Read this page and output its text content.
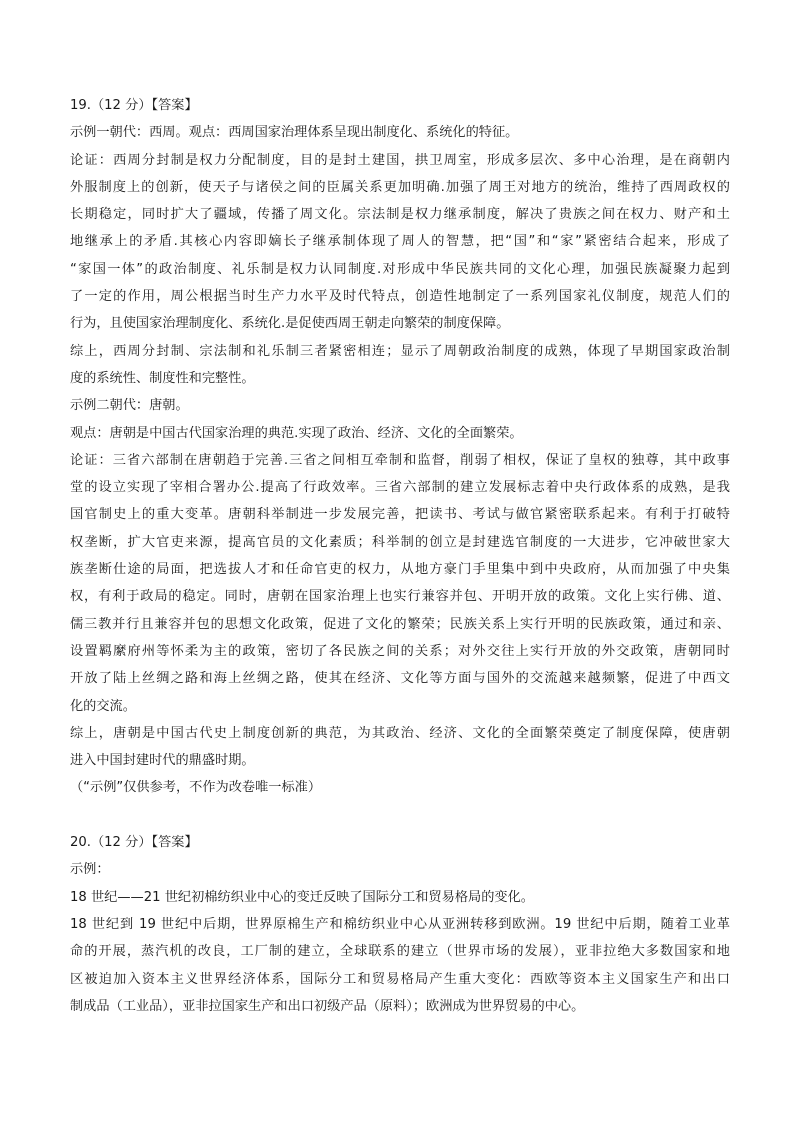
19.（12 分）【答案】
示例一朝代：西周。观点：西周国家治理体系呈现出制度化、系统化的特征。
论证：西周分封制是权力分配制度，目的是封土建国，拱卫周室，形成多层次、多中心治理，是在商朝内
外服制度上的创新，使天子与诸侯之间的臣属关系更加明确.加强了周王对地方的统治，维持了西周政权的
长期稳定，同时扩大了疆域，传播了周文化。宗法制是权力继承制度，解决了贵族之间在权力、财产和土
地继承上的矛盾.其核心内容即嫡长子继承制体现了周人的智慧，把“国”和“家”紧密结合起来，形成了
“家国一体”的政治制度、礼乐制是权力认同制度.对形成中华民族共同的文化心理，加强民族凝聚力起到
了一定的作用，周公根据当时生产力水平及时代特点，创造性地制定了一系列国家礼仪制度，规范人们的
行为，且使国家治理制度化、系统化.是促使西周王朝走向繁荣的制度保障。
综上，西周分封制、宗法制和礼乐制三者紧密相连；显示了周朝政治制度的成熟，体现了早期国家政治制
度的系统性、制度性和完整性。
示例二朝代：唐朝。
观点：唐朝是中国古代国家治理的典范.实现了政治、经济、文化的全面繁荣。
论证：三省六部制在唐朝趋于完善.三省之间相互牵制和监督，削弱了相权，保证了皇权的独尊，其中政事
堂的设立实现了宰相合署办公.提高了行政效率。三省六部制的建立发展标志着中央行政体系的成熟，是我
国官制史上的重大变革。唐朝科举制进一步发展完善，把读书、考试与做官紧密联系起来。有利于打破特
权垄断，扩大官吏来源，提高官员的文化素质；科举制的创立是封建选官制度的一大进步，它冲破世家大
族垄断仕途的局面，把选拔人才和任命官吏的权力，从地方豪门手里集中到中央政府，从而加强了中央集
权，有利于政局的稳定。同时，唐朝在国家治理上也实行兼容并包、开明开放的政策。文化上实行佛、道、
儒三教并行且兼容并包的思想文化政策，促进了文化的繁荣；民族关系上实行开明的民族政策，通过和亲、
设置羁縻府州等怀柔为主的政策，密切了各民族之间的关系；对外交往上实行开放的外交政策，唐朝同时
开放了陆上丝绸之路和海上丝绸之路，使其在经济、文化等方面与国外的交流越来越频繁，促进了中西文
化的交流。
综上，唐朝是中国古代史上制度创新的典范，为其政治、经济、文化的全面繁荣奠定了制度保障，使唐朝
进入中国封建时代的鼎盛时期。
（“示例”仅供参考，不作为改卷唯一标准）
20.（12 分）【答案】
示例：
18 世纪——21 世纪初棉纺织业中心的变迁反映了国际分工和贸易格局的变化。
18 世纪到 19 世纪中后期，世界原棉生产和棉纺织业中心从亚洲转移到欧洲。19 世纪中后期，随着工业革
命的开展，蒸汽机的改良，工厂制的建立，全球联系的建立（世界市场的发展），亚非拉绝大多数国家和地
区被迫加入资本主义世界经济体系，国际分工和贸易格局产生重大变化：西欧等资本主义国家生产和出口
制成品（工业品），亚非拉国家生产和出口初级产品（原料）；欧洲成为世界贸易的中心。
